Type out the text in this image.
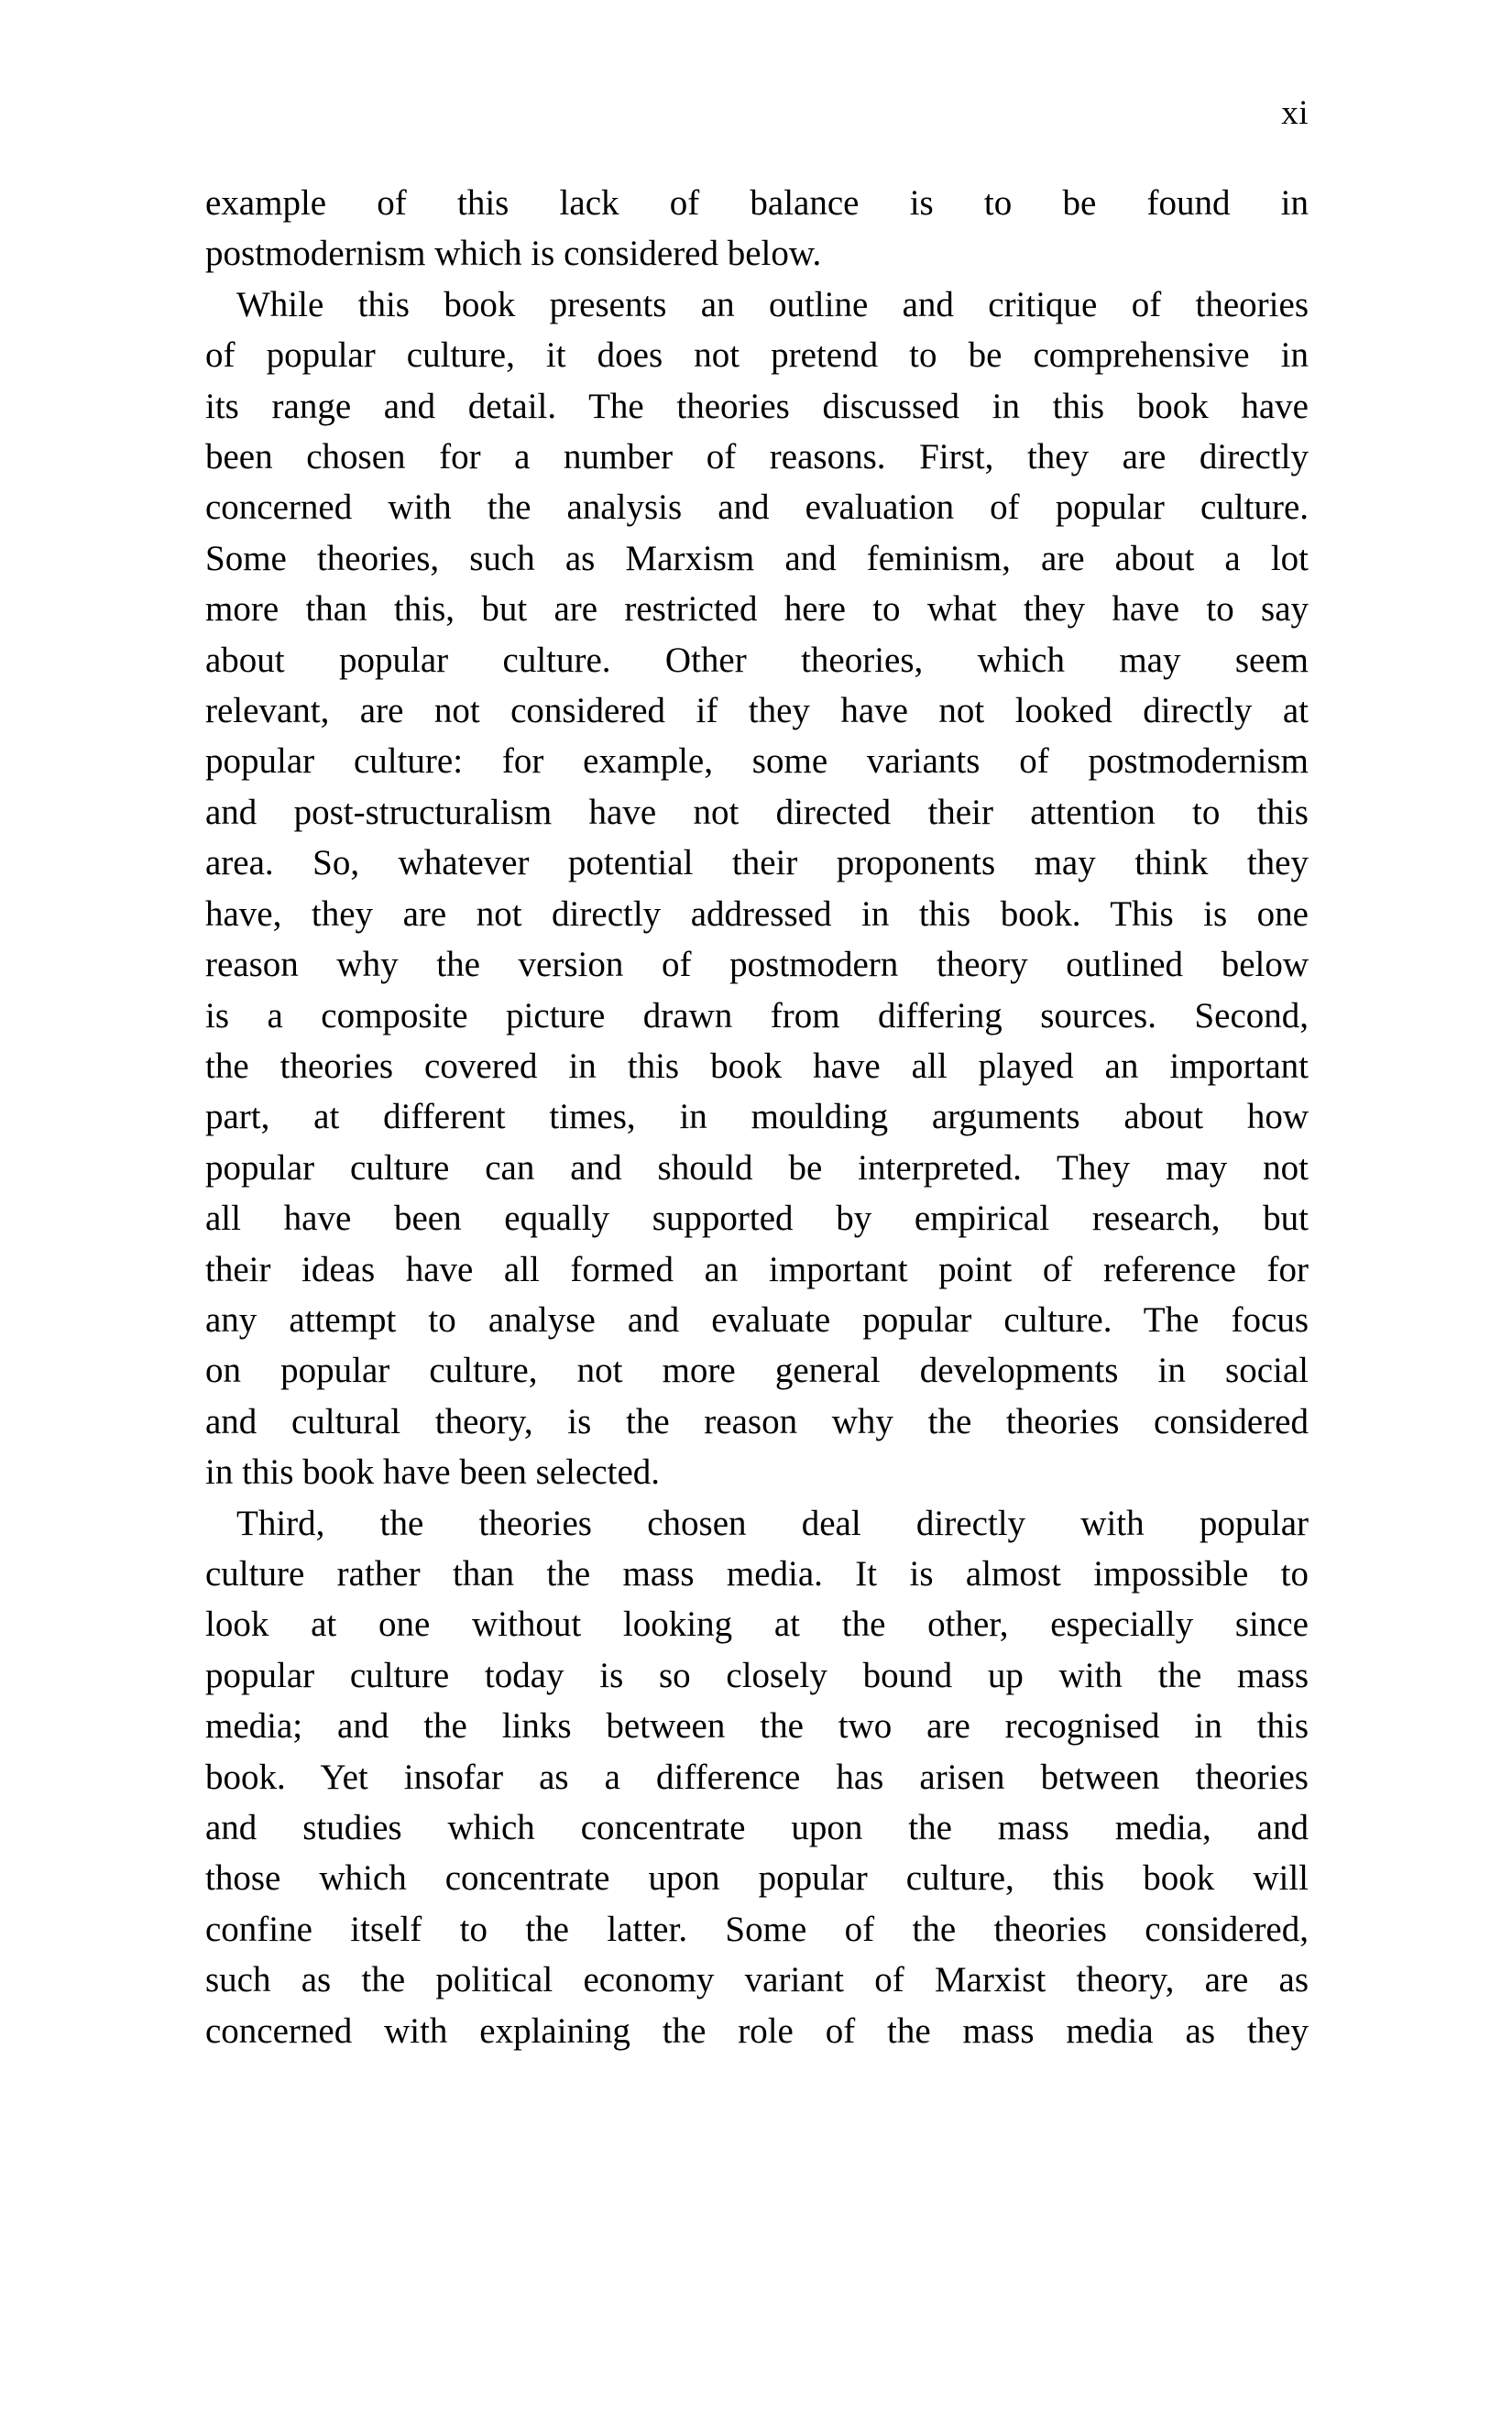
xi
example of this lack of balance is to be found in
postmodernism which is considered below.
While this book presents an outline and critique of theories
of popular culture, it does not pretend to be comprehensive in
its range and detail. The theories discussed in this book have
been chosen for a number of reasons. First, they are directly
concerned with the analysis and evaluation of popular culture.
Some theories, such as Marxism and feminism, are about a lot
more than this, but are restricted here to what they have to say
about popular culture. Other theories, which may seem
relevant, are not considered if they have not looked directly at
popular culture: for example, some variants of postmodernism
and post-structuralism have not directed their attention to this
area. So, whatever potential their proponents may think they
have, they are not directly addressed in this book. This is one
reason why the version of postmodern theory outlined below
is a composite picture drawn from differing sources. Second,
the theories covered in this book have all played an important
part, at different times, in moulding arguments about how
popular culture can and should be interpreted. They may not
all have been equally supported by empirical research, but
their ideas have all formed an important point of reference for
any attempt to analyse and evaluate popular culture. The focus
on popular culture, not more general developments in social
and cultural theory, is the reason why the theories considered
in this book have been selected.
Third, the theories chosen deal directly with popular
culture rather than the mass media. It is almost impossible to
look at one without looking at the other, especially since
popular culture today is so closely bound up with the mass
media; and the links between the two are recognised in this
book. Yet insofar as a difference has arisen between theories
and studies which concentrate upon the mass media, and
those which concentrate upon popular culture, this book will
confine itself to the latter. Some of the theories considered,
such as the political economy variant of Marxist theory, are as
concerned with explaining the role of the mass media as they
